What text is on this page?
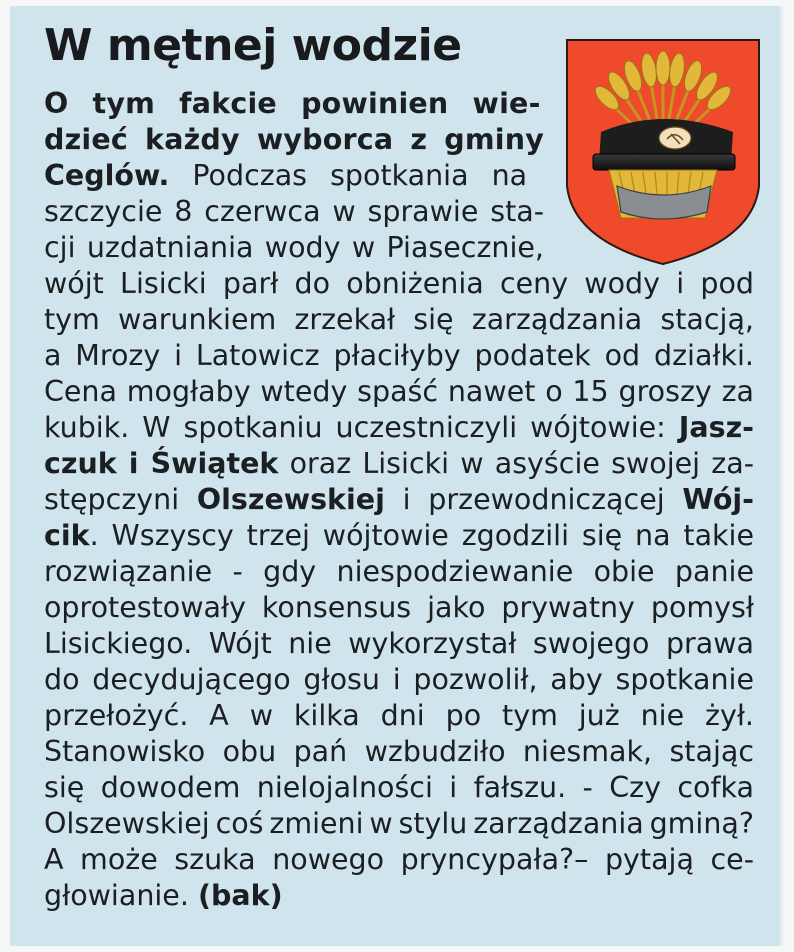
W mętnej wodzie
O tym fakcie powinien wie-
dzieć każdy wyborca z gminy
Ceglów. Podczas spotkania na
szczycie 8 czerwca w sprawie sta-
cji uzdatniania wody w Piasecznie,
wójt Lisicki parł do obniżenia ceny wody i pod
tym warunkiem zrzekał się zarządzania stacją,
a Mrozy i Latowicz płaciłyby podatek od działki.
Cena mogłaby wtedy spaść nawet o 15 groszy za
kubik. W spotkaniu uczestniczyli wójtowie: Jasz-
czuk i Świątek oraz Lisicki w asyście swojej za-
stępczyni Olszewskiej i przewodniczącej Wój-
cik. Wszyscy trzej wójtowie zgodzili się na takie
rozwiązanie - gdy niespodziewanie obie panie
oprotestowały konsensus jako prywatny pomysł
Lisickiego. Wójt nie wykorzystał swojego prawa
do decydującego głosu i pozwolił, aby spotkanie
przełożyć. A w kilka dni po tym już nie żył.
Stanowisko obu pań wzbudziło niesmak, stając
się dowodem nielojalności i fałszu. - Czy cofka
Olszewskiej coś zmieni w stylu zarządzania gminą?
A może szuka nowego pryncypała?– pytają ce-
głowianie. (bak)
